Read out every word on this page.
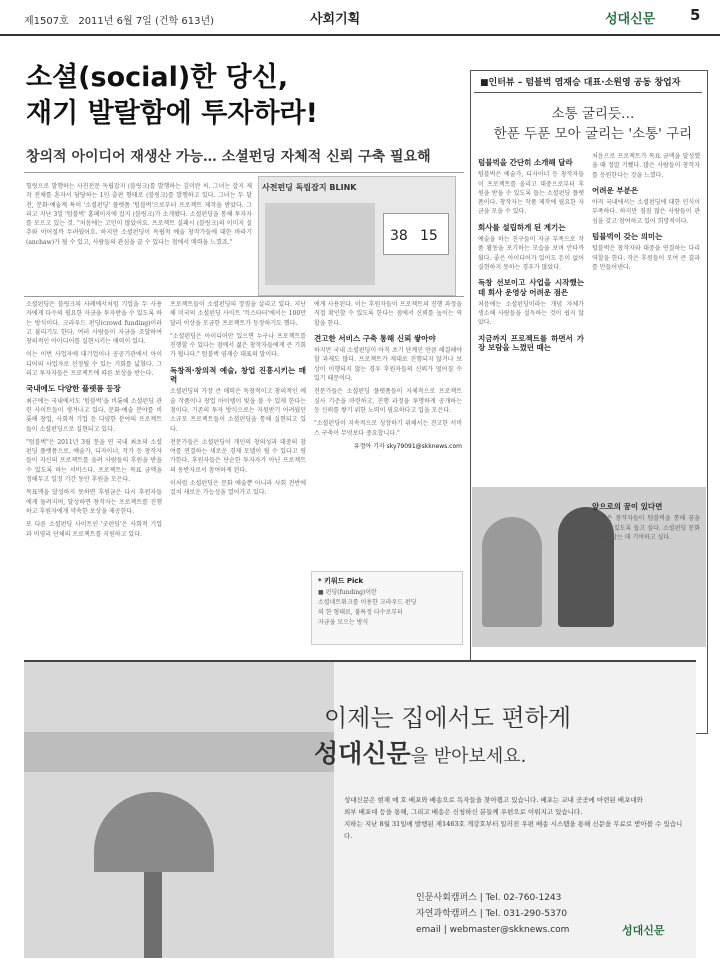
제1507호 2011년 6월 7일 (건학 613년)	사회기획	성대신문 5
소셜(social)한 당신,
재기 발랄함에 투자하라!
창의적 아이디어 재생산 가능… 소셜펀딩 자체적 신뢰 구축 필요해

힐링으로 발행하는 사진전문 독립잡지 ⟨블링크⟩를 발행하는 김미란 씨. 그녀는 잡지 제작 전체를 혼자서 담당하는 1인 출판 형태로 ⟨블링크⟩를 발행하고 있다. 그녀는 두 달 전, 문화·예술계 특히 '소셜펀딩' 플랫폼 '텀블벅'으로부터 프로젝트 제작을 받았다. 그리고 지난 3일 '텀블벅' 홈페이지에 잡지 ⟨블링크⟩가 소개됐다. 소셜펀딩을 통해 투자자를 모으고 있는 것. "처음에는 고민이 많았어요. 프로젝트 실패시 ⟨블링크⟩의 이미지 실추와 이어질까 두려웠어요. 하지만 소셜펀딩이 독립적 예술 창작가들에 대한 바라기(anchaw)가 될 수 있고, 사람들의 관심을 끌 수 있다는 점에서 매력을 느꼈죠."	38 15
사전펀딩 독립잡지 BLINK

소셜펀딩은 블링크의 사례에서처럼 기업을 두 사용자에게 다수의 필요한 자금을 투자받을 수 있도록 하는 방식이다. 크라우드 펀딩(crowd funding)이라고 불리기도 한다. 여러 사람들이 자금을 조달하여 창의적인 아이디어를 실현시키는 매력이 있다.

이는 이번 사업자에 대기업이나 공공기관에서 아이디어의 사업자로 선정될 수 있는 기회를 넓혔다. 그리고 투자자들은 프로젝트에 따른 보상을 받는다.

국내에도 다양한 플랫폼 등장

최근에는 국내에서도 '텀블벅'을 비롯해 소셜펀딩 관련 사이트들이 생겨나고 있다. 문화·예술 분야를 비롯해 창업, 사회적 기업 등 다양한 분야의 프로젝트들이 소셜펀딩으로 실현되고 있다.

"텀블벅"은 2011년 3월 문을 연 국내 최초의 소셜펀딩 플랫폼으로, 예술가, 디자이너, 작가 등 창작자들이 자신의 프로젝트를 올려 사람들의 후원을 받을 수 있도록 하는 서비스다. 프로젝트는 목표 금액을 정해두고 일정 기간 동안 후원을 모은다.

목표액을 달성하지 못하면 후원금은 다시 후원자들에게 돌려지며, 달성하면 창작자는 프로젝트를 진행하고 후원자에게 약속한 보상을 제공한다.

또 다른 소셜펀딩 사이트인 '굿펀딩'은 사회적 기업과 비영리 단체의 프로젝트를 지원하고 있다.

프로젝트들이 소셜펀딩의 장점을 살리고 있다. 지난해 미국의 소셜펀딩 사이트 '킥스타터'에서는 100만 달러 이상을 모금한 프로젝트가 등장하기도 했다.

"소셜펀딩은 아이디어만 있으면 누구나 프로젝트를 진행할 수 있다는 점에서 젊은 창작자들에게 큰 기회가 됩니다." 텀블벅 염재승 대표의 말이다.

독창적·창의적 예술, 창업 진흥시키는 매력

소셜펀딩의 가장 큰 매력은 독창적이고 창의적인 예술 작품이나 창업 아이템이 빛을 볼 수 있게 한다는 점이다. 기존의 투자 방식으로는 지원받기 어려웠던 소규모 프로젝트들이 소셜펀딩을 통해 실현되고 있다.

전문가들은 소셜펀딩이 개인의 창의성과 대중의 참여를 연결하는 새로운 경제 모델이 될 수 있다고 평가한다. 후원자들은 단순한 투자자가 아닌 프로젝트의 동반자로서 참여하게 된다.

이처럼 소셜펀딩은 문화 예술뿐 아니라 사회 전반에 걸쳐 새로운 가능성을 열어가고 있다.

에게 사용된다. 이는 후원자들이 프로젝트의 진행 과정을 직접 확인할 수 있도록 한다는 점에서 신뢰를 높이는 역할을 한다.

견고한 서비스 구축 통해 신뢰 쌓아야

하지만 국내 소셜펀딩이 아직 초기 단계인 만큼 해결해야 할 과제도 많다. 프로젝트가 제대로 진행되지 않거나 보상이 이행되지 않는 경우 후원자들의 신뢰가 떨어질 수 있기 때문이다.

전문가들은 소셜펀딩 플랫폼들이 자체적으로 프로젝트 심사 기준을 마련하고, 진행 과정을 투명하게 공개하는 등 신뢰를 쌓기 위한 노력이 필요하다고 입을 모은다.

"소셜펀딩이 지속적으로 성장하기 위해서는 견고한 서비스 구축이 무엇보다 중요합니다."

유정아 기자 sky79091@skknews.com

* 키워드 Pick
■ 펀딩(funding)이란
소셜네트워크를 이용한 크라우드 펀딩
의 한 형태로, 불특정 다수로부터
자금을 모으는 방식
■인터뷰 – 텀블벅 염재승 대표·소원영 공동 창업자
소통 굴리듯…
한푼 두푼 모아 굴리는 '소통' 구리
텀블벅을 간단히 소개해 달라

텀블벅은 예술가, 디자이너 등 창작자들이 프로젝트를 올리고 대중으로부터 후원을 받을 수 있도록 돕는 소셜펀딩 플랫폼이다. 창작자는 작품 제작에 필요한 자금을 모을 수 있다.

회사를 설립하게 된 계기는

예술을 하는 친구들이 자금 부족으로 작품 활동을 포기하는 모습을 보며 안타까웠다. 좋은 아이디어가 있어도 돈이 없어 실현하지 못하는 경우가 많았다.

독창 선보이고 사업을 시작했는데 회사 운영상 어려운 점은

처음에는 소셜펀딩이라는 개념 자체가 생소해 사람들을 설득하는 것이 쉽지 않았다.

지금까지 프로젝트를 하면서 가장 보람을 느꼈던 때는

처음으로 프로젝트가 목표 금액을 달성했을 때 정말 기뻤다. 많은 사람들이 창작자를 응원한다는 것을 느꼈다.

어려운 부분은

아직 국내에서는 소셜펀딩에 대한 인식이 부족하다. 하지만 점점 많은 사람들이 관심을 갖고 참여하고 있어 희망적이다.

텀블벅이 갖는 의미는

텀블벅은 창작자와 대중을 연결하는 다리 역할을 한다. 작은 후원들이 모여 큰 결과를 만들어낸다.

앞으로의 꿈이 있다면

더 많은 창작자들이 텀블벅을 통해 꿈을 이룰 수 있도록 돕고 싶다. 소셜펀딩 문화가 자리잡는 데 기여하고 싶다.

이제는 집에서도 편하게
성대신문을 받아보세요.
성대신문은 현재 매 호 배포와 배송으로 독자들을 찾아뵙고 있습니다. 배포는 교내 곳곳에 마련된 배포대와
외부 배포대 등을 통해, 그리고 배송은 신청하신 분들께 우편으로 이뤄지고 있습니다.
지하는 지난 8월 31일에 발행된 제1463호 개강호부터 일러진 우편 배송 시스템을 통해 신문을 무료로 받아볼 수 있습니다.
인문사회캠퍼스 | Tel. 02-760-1243
자연과학캠퍼스 | Tel. 031-290-5370
email | webmaster@skknews.com	성대신문
